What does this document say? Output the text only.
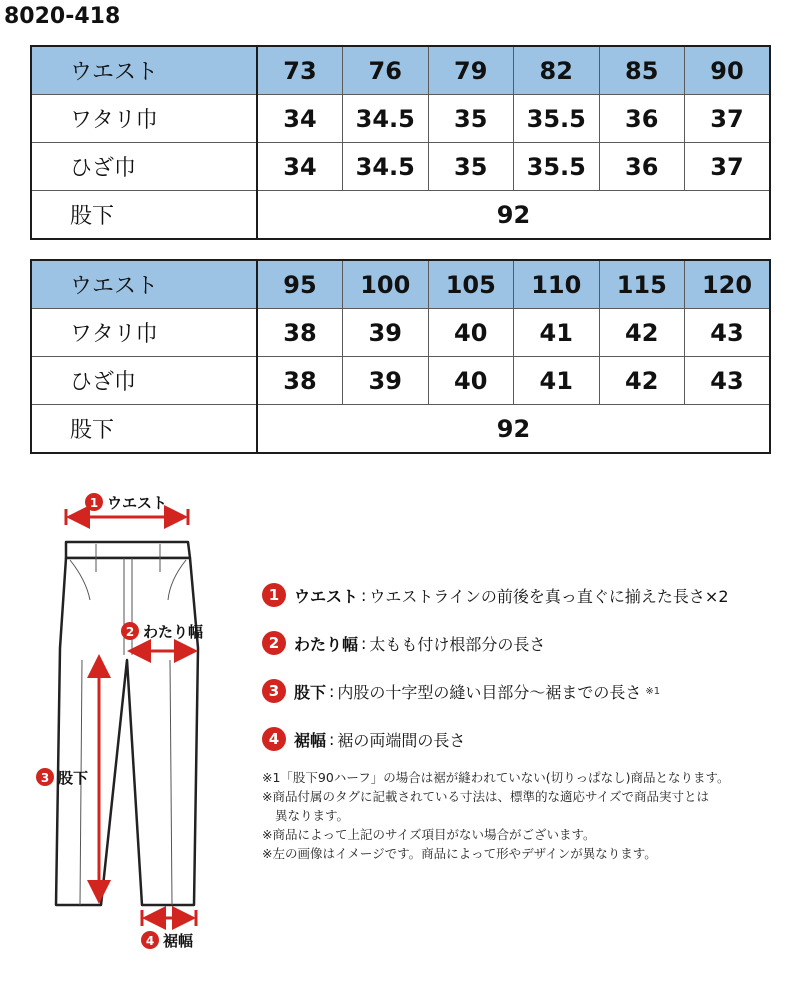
8020-418
ウエスト	73	76	79	82	85	90
ワタリ巾	34	34.5	35	35.5	36	37
ひざ巾	34	34.5	35	35.5	36	37
股下	92					
ウエスト	95	100	105	110	115	120
ワタリ巾	38	39	40	41	42	43
ひざ巾	38	39	40	41	42	43
股下	92					
1 ウエスト
2 わたり幅
3 股下
4 裾幅
1 ウエスト : ウエストラインの前後を真っ直ぐに揃えた長さ×2
2 わたり幅 : 太もも付け根部分の長さ
3 股下 : 内股の十字型の縫い目部分〜裾までの長さ ※1
4 裾幅 : 裾の両端間の長さ

※1「股下90ハーフ」の場合は裾が縫われていない(切りっぱなし)商品となります。

※商品付属のタグに記載されている寸法は、標準的な適応サイズで商品実寸とは

異なります。

※商品によって上記のサイズ項目がない場合がございます。

※左の画像はイメージです。商品によって形やデザインが異なります。
